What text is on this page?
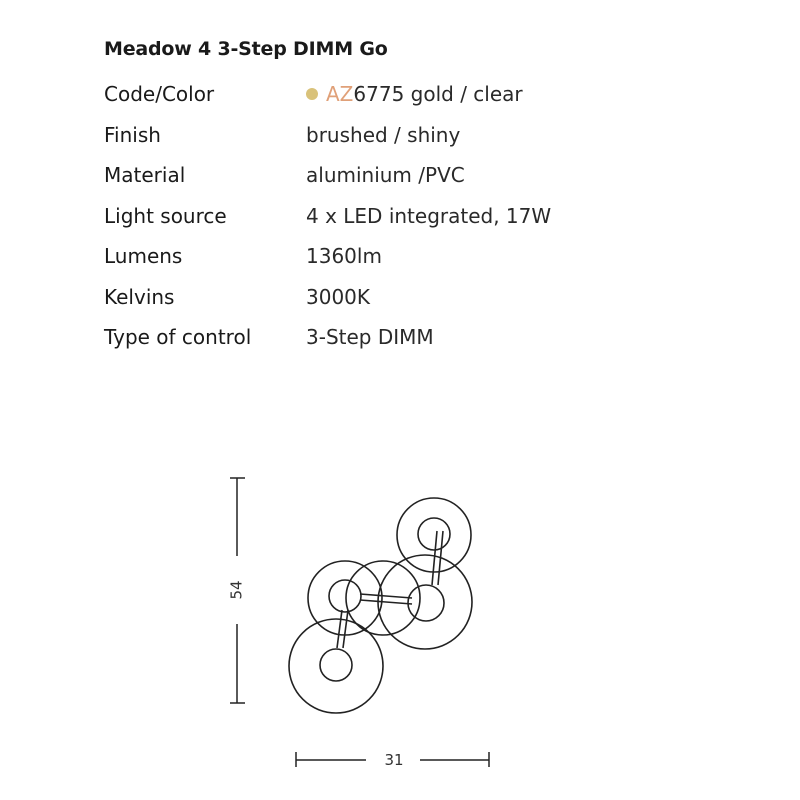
Meadow 4 3-Step DIMM Go
Code/Color	AZ6775 gold / clear
Finish	brushed / shiny
Material	aluminium /PVC
Light source	4 x LED integrated, 17W
Lumens	1360lm
Kelvins	3000K
Type of control	3-Step DIMM
54
31
